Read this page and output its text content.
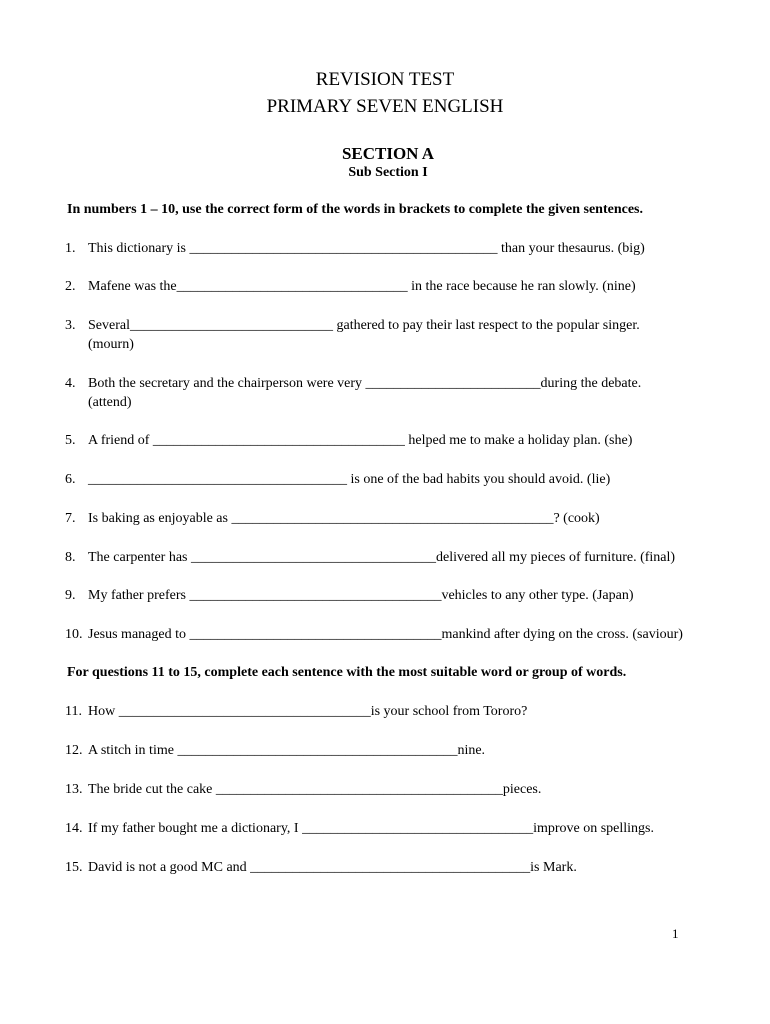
REVISION TEST
PRIMARY SEVEN ENGLISH
SECTION A
Sub Section I
In numbers 1 – 10, use the correct form of the words in brackets to complete the given sentences.
1. This dictionary is ____________________________________________ than your thesaurus. (big)
2. Mafene was the_________________________________ in the race because he ran slowly. (nine)
3. Several_____________________________ gathered to pay their last respect to the popular singer.
(mourn)
4. Both the secretary and the chairperson were very _________________________during the debate.
(attend)
5. A friend of ____________________________________ helped me to make a holiday plan. (she)
6. _____________________________________ is one of the bad habits you should avoid. (lie)
7. Is baking as enjoyable as ______________________________________________? (cook)
8. The carpenter has ___________________________________delivered all my pieces of furniture. (final)
9. My father prefers ____________________________________vehicles to any other type. (Japan)
10. Jesus managed to ____________________________________mankind after dying on the cross. (saviour)
For questions 11 to 15, complete each sentence with the most suitable word or group of words.
11. How ____________________________________is your school from Tororo?
12. A stitch in time ________________________________________nine.
13. The bride cut the cake _________________________________________pieces.
14. If my father bought me a dictionary, I _________________________________improve on spellings.
15. David is not a good MC and ________________________________________is Mark.
1
